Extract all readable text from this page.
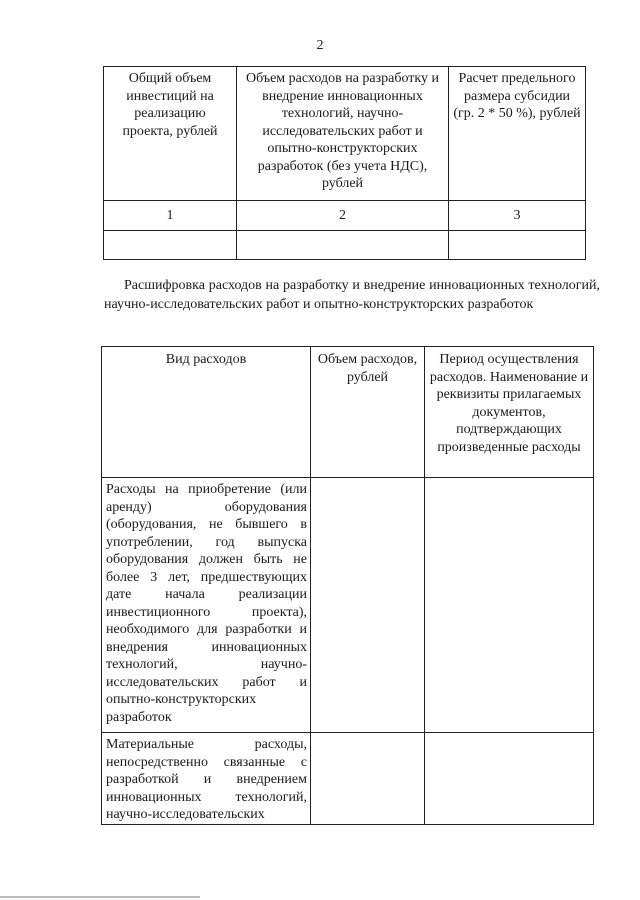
2
Общий объем инвестиций на реализацию проекта, рублей	Объем расходов на разработку и внедрение инновационных технологий, научно-исследовательских работ и опытно-конструкторских разработок (без учета НДС), рублей	Расчет предельного размера субсидии (гр. 2 * 50 %), рублей
1	2	3

Расшифровка расходов на разработку и внедрение инновационных технологий, научно-исследовательских работ и опытно-конструкторских разработок
Вид расходов	Объем расходов, рублей	Период осуществления расходов. Наименование и реквизиты прилагаемых документов, подтверждающих произведенные расходы
Расходы на приобретение (или аренду) оборудования (оборудования, не бывшего в употреблении, год выпуска оборудования должен быть не более 3 лет, предшествующих дате начала реализации инвестиционного проекта), необходимого для разработки и внедрения инновационных технологий, научно-исследовательских работ и опытно-конструкторских разработок		
Материальные расходы, непосредственно связанные с разработкой и внедрением инновационных технологий, научно-исследовательских		
